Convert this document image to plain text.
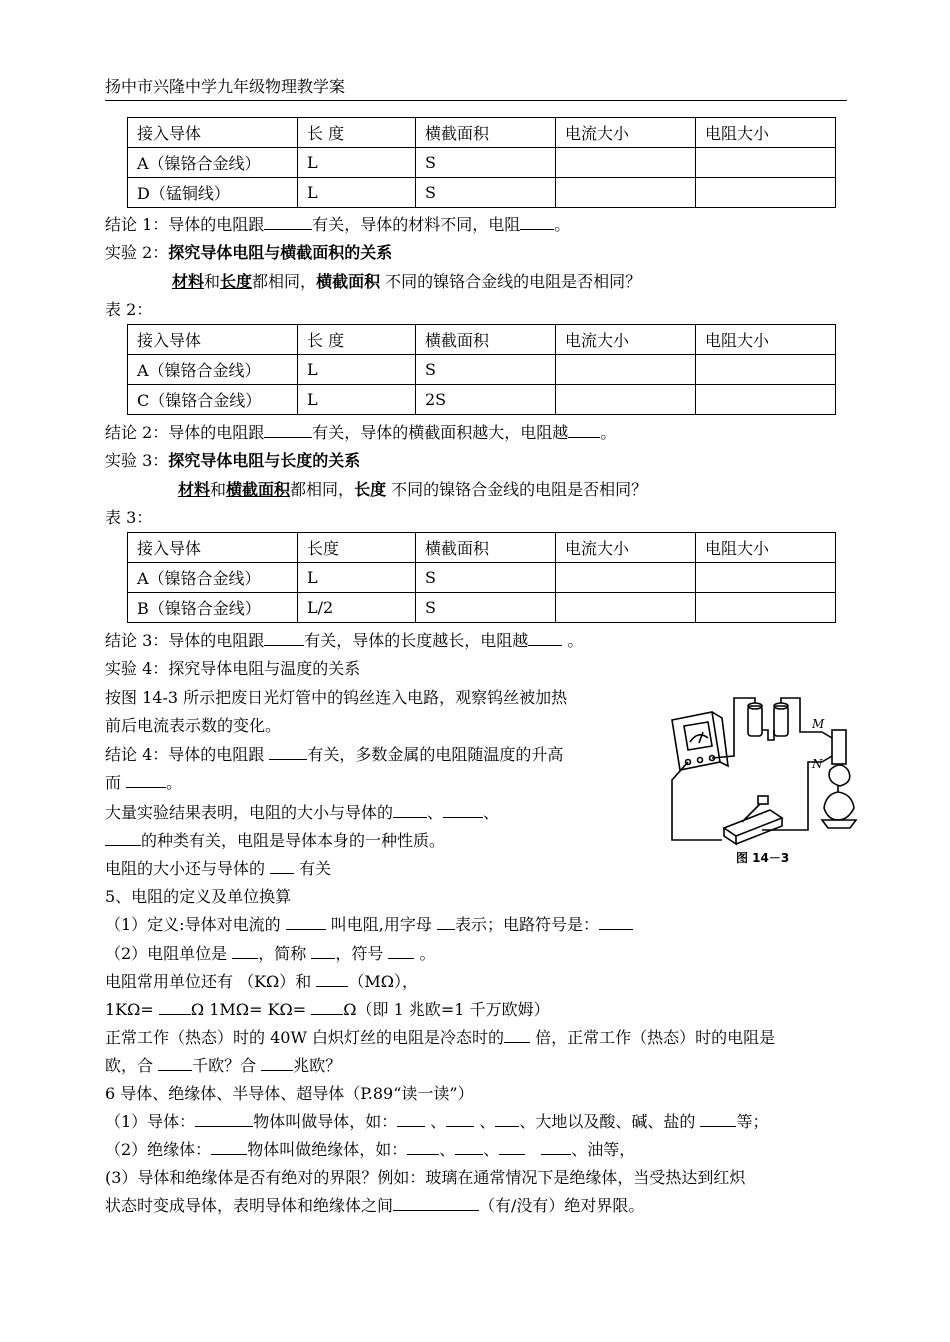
扬中市兴隆中学九年级物理教学案
接入导体	长 度	横截面积	电流大小	电阻大小
A（镍铬合金线）	L	S		
D（锰铜线）	L	S		
结论 1：导体的电阻跟	有关，导体的材料不同，电阻 。
实验 2：探究导体电阻与横截面积的关系
材料和长度都相同，横截面积 不同的镍铬合金线的电阻是否相同？
表 2：
接入导体	长 度	横截面积	电流大小	电阻大小
A（镍铬合金线）	L	S		
C（镍铬合金线）	L	2S		
结论 2：导体的电阻跟	有关，导体的横截面积越大，电阻越 。
实验 3：探究导体电阻与长度的关系
材料和横截面积都相同，长度 不同的镍铬合金线的电阻是否相同？
表 3：
接入导体	长度	横截面积	电流大小	电阻大小
A（镍铬合金线）	L	S		
B（镍铬合金线）	L/2	S		
结论 3：导体的电阻跟	有关，导体的长度越长，电阻越 。
实验 4：探究导体电阻与温度的关系
按图 14-3 所示把废日光灯管中的钨丝连入电路，观察钨丝被加热
前后电流表示数的变化。
结论 4：导体的电阻跟 有关，多数金属的电阻随温度的升高
而	。
大量实验结果表明，电阻的大小与导体的 、	、
的种类有关，电阻是导体本身的一种性质。
电阻的大小还与导体的  有关
5、电阻的定义及单位换算
（1）定义:导体对电流的	叫电阻,用字母 表示；电路符号是：
（2）电阻单位是 ，简称 ，符号  。
电阻常用单位还有 （KΩ）和 （MΩ），
1KΩ= Ω 1MΩ= KΩ= Ω（即 1 兆欧=1 千万欧姆）
正常工作（热态）时的 40W 白炽灯丝的电阻是冷态时的 倍，正常工作（热态）时的电阻是
欧，合 千欧？合 兆欧？
6 导体、绝缘体、半导体、超导体（P.89“读一读”）
（1）导体：	物体叫做导体，如： 、 、 、大地以及酸、碱、盐的 等；
（2）绝缘体： 物体叫做绝缘体，如： 、 、	、油等，
(3）导体和绝缘体是否有绝对的界限？例如：玻璃在通常情况下是绝缘体，当受热达到红炽
状态时变成导体，表明导体和绝缘体之间	（有/没有）绝对界限。
M
N
图 14－3
